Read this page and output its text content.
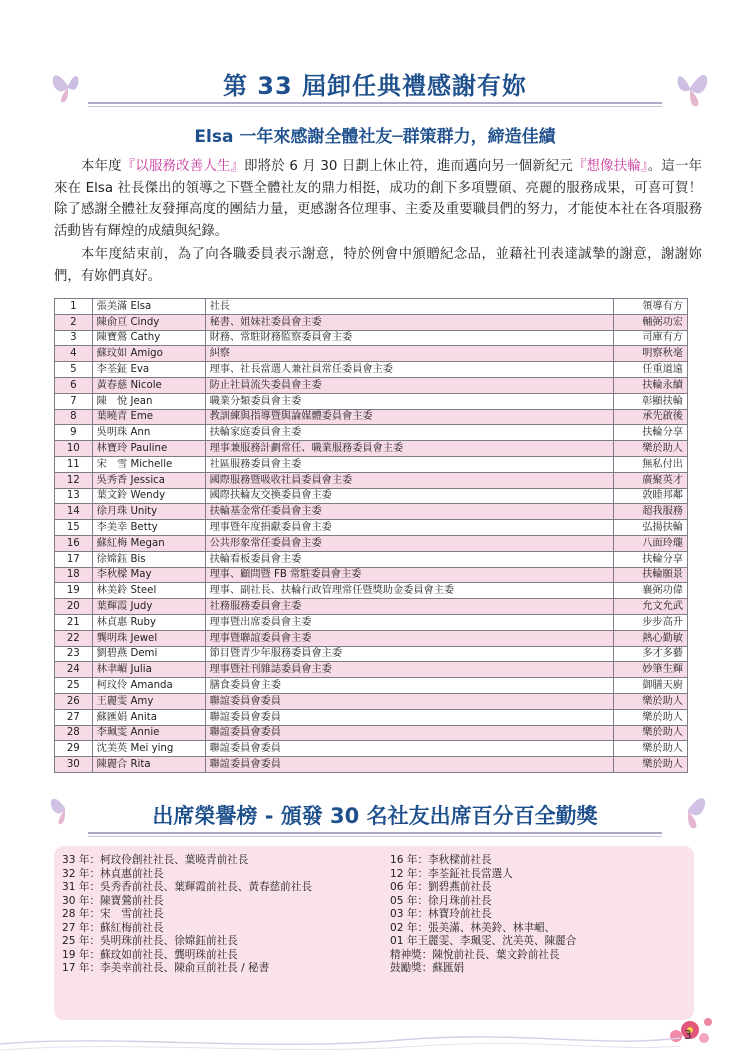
第 33 屆卸任典禮感謝有妳
Elsa 一年來感謝全體社友─群策群力，締造佳績
本年度『以服務改善人生』即將於 6 月 30 日劃上休止符，進而邁向另一個新紀元『想像扶輪』。這一年來在 Elsa 社長傑出的領導之下暨全體社友的鼎力相挺，成功的創下多項豐碩、亮麗的服務成果，可喜可賀！除了感謝全體社友發揮高度的團結力量，更感謝各位理事、主委及重要職員們的努力，才能使本社在各項服務活動皆有輝煌的成績與紀錄。
本年度結束前，為了向各職委員表示謝意，特於例會中頒贈紀念品，並藉社刊表達誠摯的謝意，謝謝妳們，有妳們真好。
1	張美滿 Elsa	社長	領導有方
2	陳俞亘 Cindy	秘書、姐妹社委員會主委	輔弼功宏
3	陳寶鶯 Cathy	財務、常駐財務監察委員會主委	司庫有方
4	蘇玟如 Amigo	糾察	明察秋毫
5	李荃鉦 Eva	理事、社長當選人兼社員常任委員會主委	任重道遠
6	黃春慈 Nicole	防止社員流失委員會主委	扶輪永續
7	陳　悅 Jean	職業分類委員會主委	彰顯扶輪
8	葉曉青 Eme	教訓練與指導暨與論媒體委員會主委	承先啟後
9	吳明珠 Ann	扶輪家庭委員會主委	扶輪分享
10	林寶玲 Pauline	理事兼服務計劃常任、職業服務委員會主委	樂於助人
11	宋　雪 Michelle	社區服務委員會主委	無私付出
12	吳秀香 Jessica	國際服務暨吸收社員委員會主委	廣聚英才
13	葉文鈴 Wendy	國際扶輪友交換委員會主委	敦睦邦鄰
14	徐月珠 Unity	扶輪基金常任委員會主委	超我服務
15	李美幸 Betty	理事暨年度捐獻委員會主委	弘揚扶輪
16	蘇紅梅 Megan	公共形象常任委員會主委	八面玲瓏
17	徐嫦鈺 Bis	扶輪看板委員會主委	扶輪分享
18	李秋樑 May	理事、顧問暨 FB 常駐委員會主委	扶輪願景
19	林美鈴 Steel	理事、副社長、扶輪行政管理常任暨獎助金委員會主委	襄弼功偉
20	葉輝霞 Judy	社務服務委員會主委	允文允武
21	林貞惠 Ruby	理事暨出席委員會主委	步步高升
22	龔明珠 Jewel	理事暨聯誼委員會主委	熱心勤敏
23	劉碧燕 Demi	節目暨青少年服務委員會主委	多才多藝
24	林聿嵋 Julia	理事暨社刊雜誌委員會主委	妙筆生輝
25	柯玟伶 Amanda	膳食委員會主委	御膳天廚
26	王麗雯 Amy	聯誼委員會委員	樂於助人
27	蘇匯娟 Anita	聯誼委員會委員	樂於助人
28	李珮雯 Annie	聯誼委員會委員	樂於助人
29	沈美英 Mei ying	聯誼委員會委員	樂於助人
30	陳麗合 Rita	聯誼委員會委員	樂於助人
出席榮譽榜 - 頒發 30 名社友出席百分百全勤獎
33 年：柯玟伶創社社長、葉曉青前社長
32 年：林貞惠前社長
31 年：吳秀香前社長、葉輝霞前社長、黃春慈前社長
30 年：陳寶鶯前社長
28 年：宋　雪前社長
27 年：蘇紅梅前社長
25 年：吳明珠前社長、徐嫦鈺前社長
19 年：蘇玟如前社長、龔明珠前社長
17 年：李美幸前社長、陳俞亘前社長 / 秘書
16 年：李秋樑前社長
12 年：李荃鉦社長當選人
06 年：劉碧燕前社長
05 年：徐月珠前社長
03 年：林寶玲前社長
02 年：張美滿、林美鈴、林聿嵋、
01 年王麗雯、李珮雯、沈美英、陳麗合
精神獎：陳悅前社長、葉文鈴前社長
鼓勵獎：蘇匯娟
3
